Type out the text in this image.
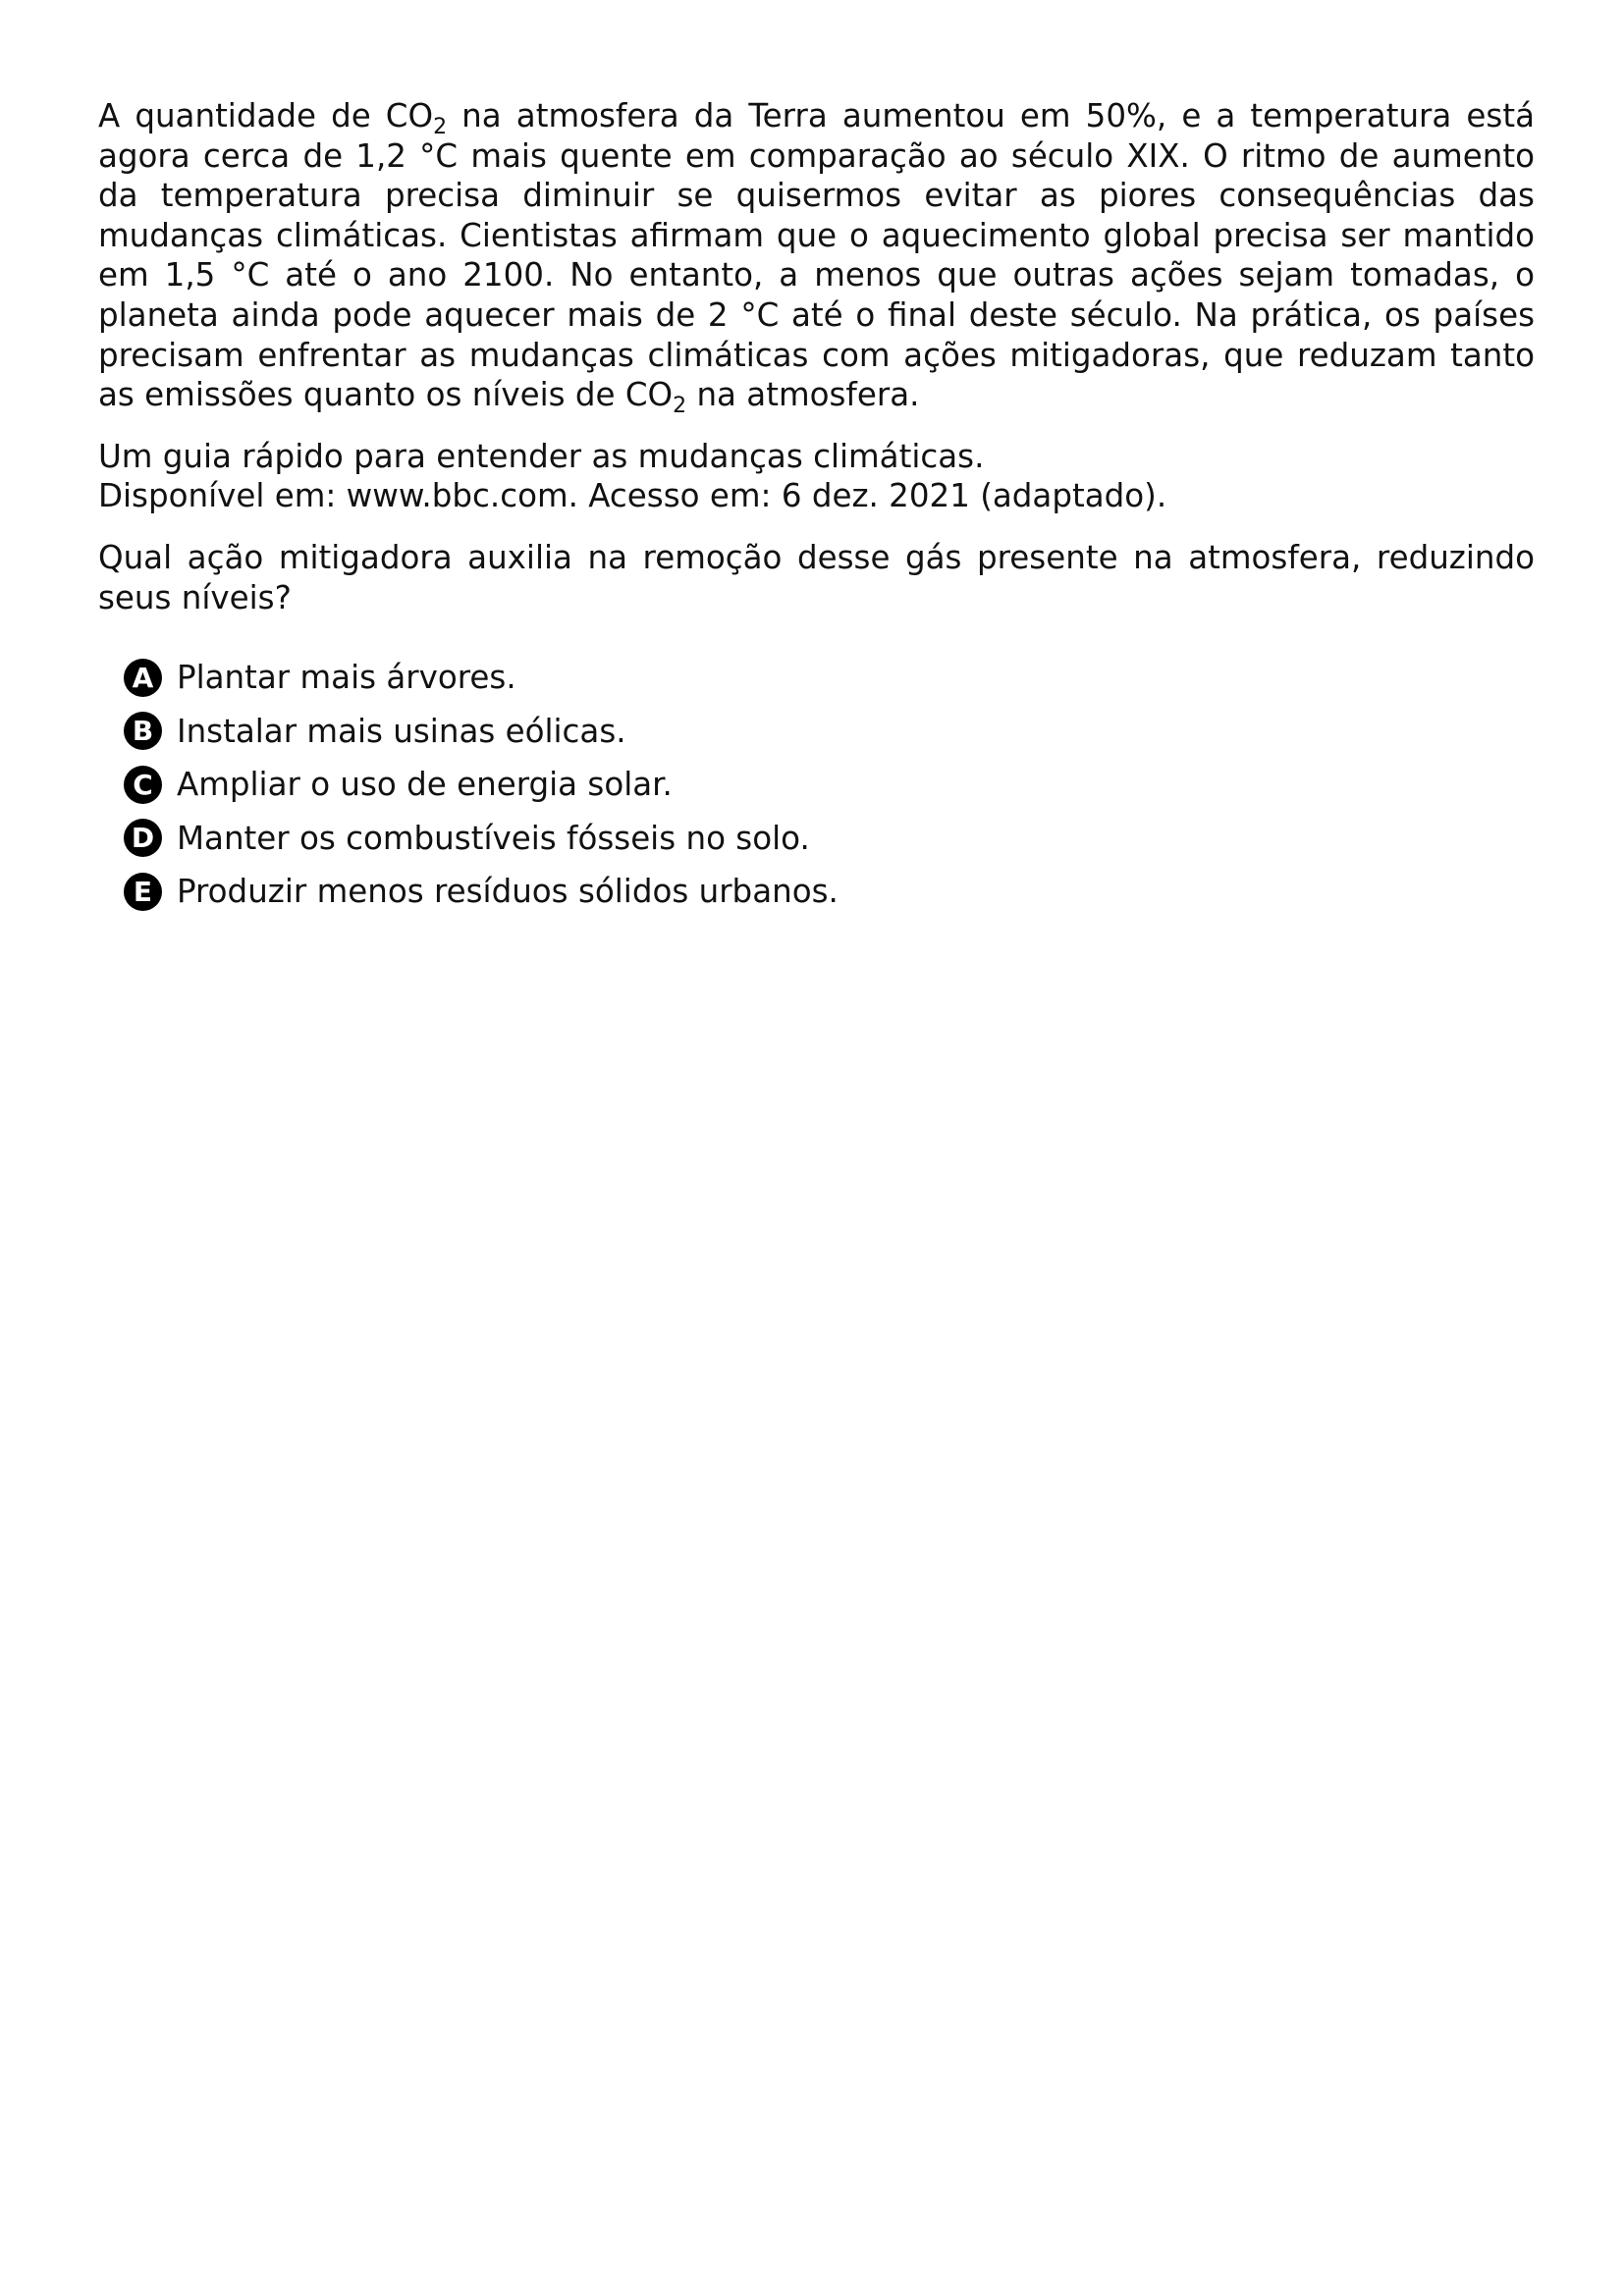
A quantidade de $CO_2$ na atmosfera da Terra aumentou em 50%, e a temperatura está agora cerca de 1,2 °C mais quente em comparação ao século XIX. O ritmo de aumento da temperatura precisa diminuir se quisermos evitar as piores consequências das mudanças climáticas. Cientistas afirmam que o aquecimento global precisa ser mantido em 1,5 °C até o ano 2100. No entanto, a menos que outras ações sejam tomadas, o planeta ainda pode aquecer mais de 2 °C até o final deste século. Na prática, os países precisam enfrentar as mudanças climáticas com ações mitigadoras, que reduzam tanto as emissões quanto os níveis de $CO_2$ na atmosfera.

Um guia rápido para entender as mudanças climáticas.
Disponível em: www.bbc.com. Acesso em: 6 dez. 2021 (adaptado).

Qual ação mitigadora auxilia na remoção desse gás presente na atmosfera, reduzindo seus níveis?

A Plantar mais árvores.
B Instalar mais usinas eólicas.
C Ampliar o uso de energia solar.
D Manter os combustíveis fósseis no solo.
E Produzir menos resíduos sólidos urbanos.
